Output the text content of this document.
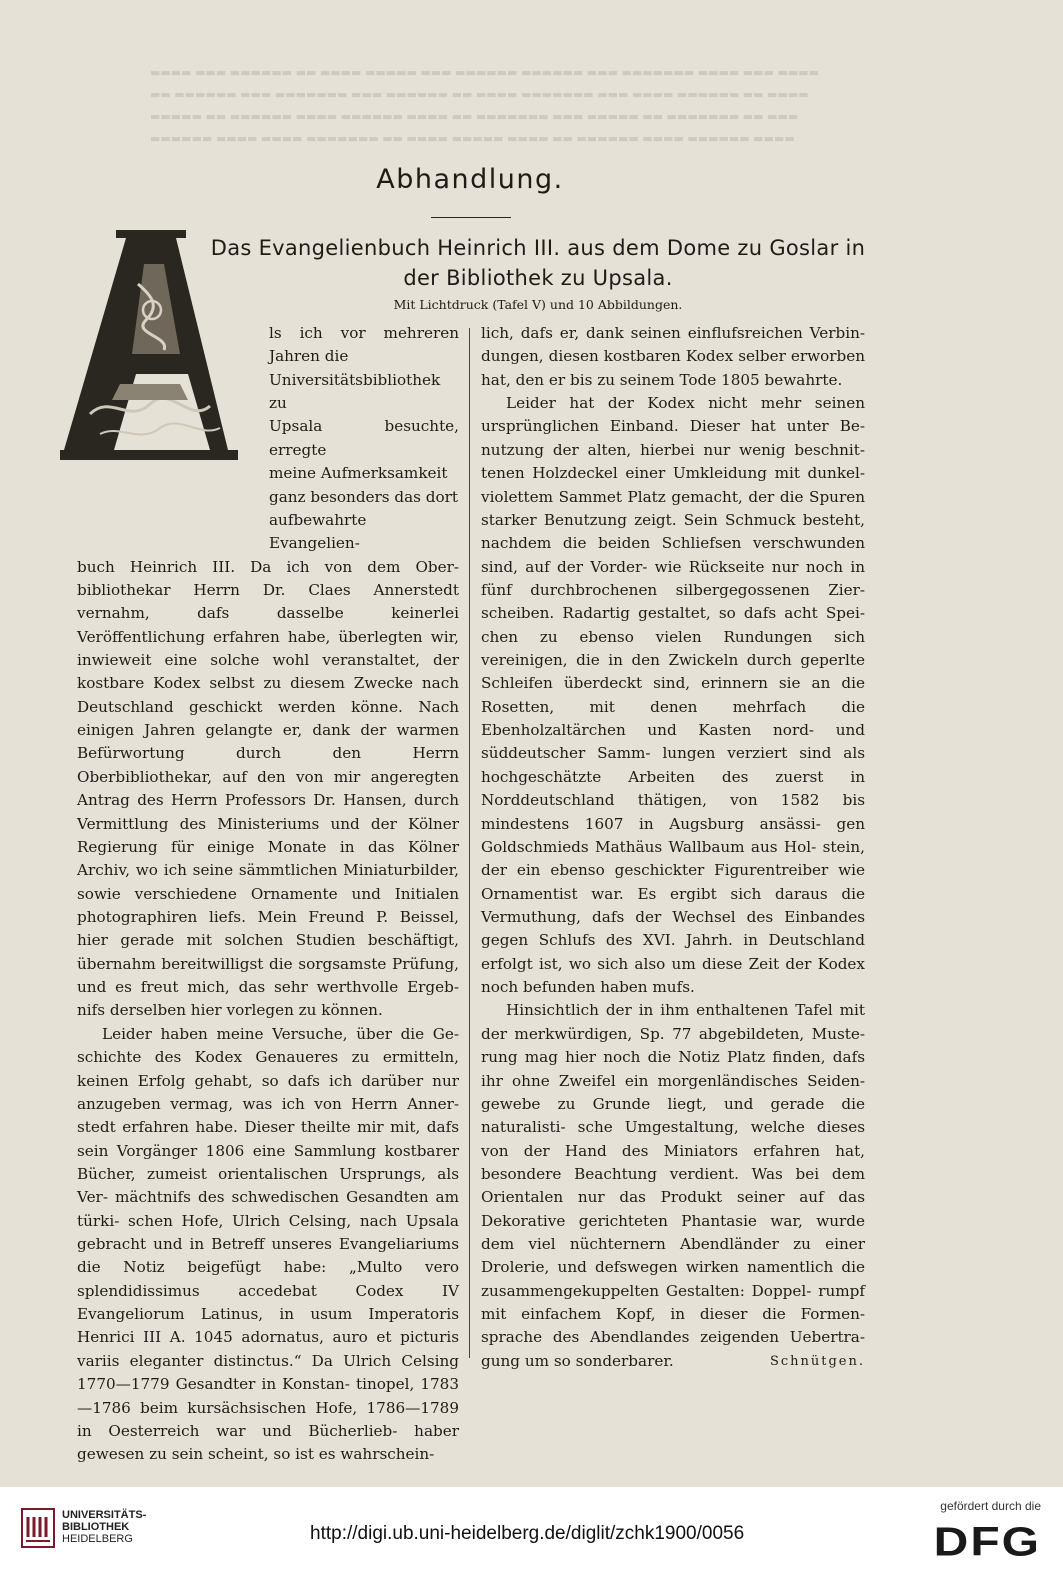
▬▬▬▬ ▬▬▬ ▬▬▬▬▬▬ ▬▬ ▬▬▬▬ ▬▬▬▬▬ ▬▬▬ ▬▬▬▬▬▬ ▬▬▬▬▬▬ ▬▬▬ ▬▬▬▬▬▬▬ ▬▬▬▬ ▬▬▬ ▬▬▬▬
▬▬ ▬▬▬▬▬▬ ▬▬▬ ▬▬▬▬▬▬▬ ▬▬▬ ▬▬▬▬▬▬ ▬▬ ▬▬▬▬ ▬▬▬▬▬▬▬ ▬▬▬ ▬▬▬▬ ▬▬▬▬▬▬ ▬▬ ▬▬▬▬
▬▬▬▬▬ ▬▬ ▬▬▬▬▬▬ ▬▬▬▬ ▬▬▬▬▬▬ ▬▬▬▬ ▬▬ ▬▬▬▬▬▬▬ ▬▬▬ ▬▬▬▬▬ ▬▬ ▬▬▬▬▬▬▬ ▬▬ ▬▬▬
▬▬▬▬▬▬ ▬▬▬▬ ▬▬▬▬ ▬▬▬▬▬▬▬ ▬▬ ▬▬▬▬ ▬▬▬▬▬ ▬▬▬▬ ▬▬ ▬▬▬▬▬▬ ▬▬▬▬ ▬▬▬▬▬▬ ▬▬▬▬
Abhandlung.
Das Evangelienbuch Heinrich III. aus dem Dome zu Goslar in
der Bibliothek zu Upsala.
Mit Lichtdruck (Tafel V) und 10 Abbildungen.
ls ich vor mehreren Jahren die
Universitätsbibliothek zu
Upsala besuchte, erregte
meine Aufmerksamkeit
ganz besonders das dort
aufbewahrte Evangelien-

buch Heinrich III. Da ich von dem Ober- bibliothekar Herrn Dr. Claes Annerstedt vernahm, dafs dasselbe keinerlei Veröffentlichung erfahren habe, überlegten wir, inwieweit eine solche wohl veranstaltet, der kostbare Kodex selbst zu diesem Zwecke nach Deutschland geschickt werden könne. Nach einigen Jahren gelangte er, dank der warmen Befürwortung durch den Herrn Oberbibliothekar, auf den von mir angeregten Antrag des Herrn Professors Dr. Hansen, durch Vermittlung des Ministeriums und der Kölner Regierung für einige Monate in das Kölner Archiv, wo ich seine sämmtlichen Miniaturbilder, sowie verschiedene Ornamente und Initialen photographiren liefs. Mein Freund P. Beissel, hier gerade mit solchen Studien beschäftigt, übernahm bereitwilligst die sorgsamste Prüfung, und es freut mich, das sehr werthvolle Ergeb- nifs derselben hier vorlegen zu können.

Leider haben meine Versuche, über die Ge- schichte des Kodex Genaueres zu ermitteln, keinen Erfolg gehabt, so dafs ich darüber nur anzugeben vermag, was ich von Herrn Anner- stedt erfahren habe. Dieser theilte mir mit, dafs sein Vorgänger 1806 eine Sammlung kostbarer Bücher, zumeist orientalischen Ursprungs, als Ver- mächtnifs des schwedischen Gesandten am türki- schen Hofe, Ulrich Celsing, nach Upsala gebracht und in Betreff unseres Evangeliariums die Notiz beigefügt habe: „Multo vero splendidissimus accedebat Codex IV Evangeliorum Latinus, in usum Imperatoris Henrici III A. 1045 adornatus, auro et picturis variis eleganter distinctus.“ Da Ulrich Celsing 1770—1779 Gesandter in Konstan- tinopel, 1783—1786 beim kursächsischen Hofe, 1786—1789 in Oesterreich war und Bücherlieb- haber gewesen zu sein scheint, so ist es wahrschein-

lich, dafs er, dank seinen einflufsreichen Verbin- dungen, diesen kostbaren Kodex selber erworben hat, den er bis zu seinem Tode 1805 bewahrte.

Leider hat der Kodex nicht mehr seinen ursprünglichen Einband. Dieser hat unter Be- nutzung der alten, hierbei nur wenig beschnit- tenen Holzdeckel einer Umkleidung mit dunkel- violettem Sammet Platz gemacht, der die Spuren starker Benutzung zeigt. Sein Schmuck besteht, nachdem die beiden Schliefsen verschwunden sind, auf der Vorder- wie Rückseite nur noch in fünf durchbrochenen silbergegossenen Zier- scheiben. Radartig gestaltet, so dafs acht Spei- chen zu ebenso vielen Rundungen sich vereinigen, die in den Zwickeln durch geperlte Schleifen überdeckt sind, erinnern sie an die Rosetten, mit denen mehrfach die Ebenholzaltärchen und Kasten nord- und süddeutscher Samm- lungen verziert sind als hochgeschätzte Arbeiten des zuerst in Norddeutschland thätigen, von 1582 bis mindestens 1607 in Augsburg ansässi- gen Goldschmieds Mathäus Wallbaum aus Hol- stein, der ein ebenso geschickter Figurentreiber wie Ornamentist war. Es ergibt sich daraus die Vermuthung, dafs der Wechsel des Einbandes gegen Schlufs des XVI. Jahrh. in Deutschland erfolgt ist, wo sich also um diese Zeit der Kodex noch befunden haben mufs.

Hinsichtlich der in ihm enthaltenen Tafel mit der merkwürdigen, Sp. 77 abgebildeten, Muste- rung mag hier noch die Notiz Platz finden, dafs ihr ohne Zweifel ein morgenländisches Seiden- gewebe zu Grunde liegt, und gerade die naturalisti- sche Umgestaltung, welche dieses von der Hand des Miniators erfahren hat, besondere Beachtung verdient. Was bei dem Orientalen nur das Produkt seiner auf das Dekorative gerichteten Phantasie war, wurde dem viel nüchternern Abendländer zu einer Drolerie, und defswegen wirken namentlich die zusammengekuppelten Gestalten: Doppel- rumpf mit einfachem Kopf, in dieser die Formen- sprache des Abendlandes zeigenden Uebertra- gung um so sonderbarer.	Schnütgen.

UNIVERSITÄTS-
BIBLIOTHEK
HEIDELBERG	http://digi.ub.uni-heidelberg.de/diglit/zchk1900/0056
gefördert durch die
DFG
